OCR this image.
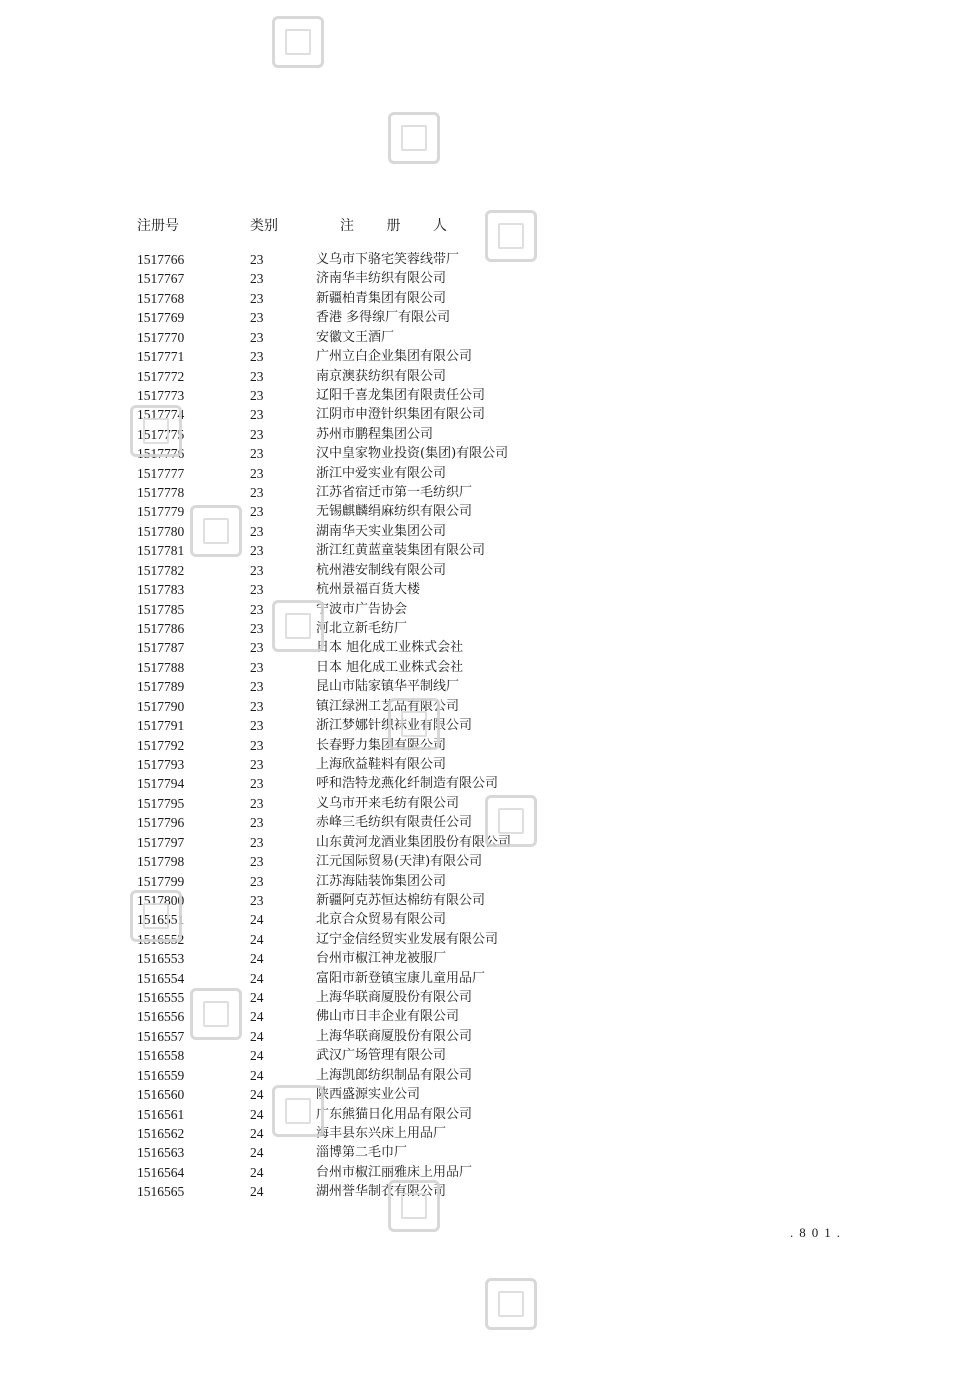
注册号	类别	注 册 人
1517766	23	义乌市下骆宅笑蓉线带厂
1517767	23	济南华丰纺织有限公司
1517768	23	新疆柏青集团有限公司
1517769	23	香港 多得缐厂有限公司
1517770	23	安徽文王酒厂
1517771	23	广州立白企业集团有限公司
1517772	23	南京澳获纺织有限公司
1517773	23	辽阳千喜龙集团有限责任公司
1517774	23	江阴市申澄针织集团有限公司
1517775	23	苏州市鹏程集团公司
1517776	23	汉中皇家物业投资(集团)有限公司
1517777	23	浙江中爱实业有限公司
1517778	23	江苏省宿迁市第一毛纺织厂
1517779	23	无锡麒麟绢麻纺织有限公司
1517780	23	湖南华天实业集团公司
1517781	23	浙江红黄蓝童装集团有限公司
1517782	23	杭州港安制线有限公司
1517783	23	杭州景福百货大楼
1517785	23	宁波市广告协会
1517786	23	河北立新毛纺厂
1517787	23	日本 旭化成工业株式会社
1517788	23	日本 旭化成工业株式会社
1517789	23	昆山市陆家镇华平制线厂
1517790	23	镇江绿洲工艺品有限公司
1517791	23	浙江梦娜针织袜业有限公司
1517792	23	长春野力集团有限公司
1517793	23	上海欣益鞋料有限公司
1517794	23	呼和浩特龙燕化纤制造有限公司
1517795	23	义乌市开来毛纺有限公司
1517796	23	赤峰三毛纺织有限责任公司
1517797	23	山东黄河龙酒业集团股份有限公司
1517798	23	江元国际贸易(天津)有限公司
1517799	23	江苏海陆装饰集团公司
1517800	23	新疆阿克苏恒达棉纺有限公司
1516551	24	北京合众贸易有限公司
1516552	24	辽宁金信经贸实业发展有限公司
1516553	24	台州市椒江神龙被服厂
1516554	24	富阳市新登镇宝康儿童用品厂
1516555	24	上海华联商厦股份有限公司
1516556	24	佛山市日丰企业有限公司
1516557	24	上海华联商厦股份有限公司
1516558	24	武汉广场管理有限公司
1516559	24	上海凯郎纺织制品有限公司
1516560	24	陕西盛源实业公司
1516561	24	广东熊猫日化用品有限公司
1516562	24	海丰县东兴床上用品厂
1516563	24	淄博第二毛巾厂
1516564	24	台州市椒江丽雅床上用品厂
1516565	24	湖州誉华制衣有限公司
.801.
